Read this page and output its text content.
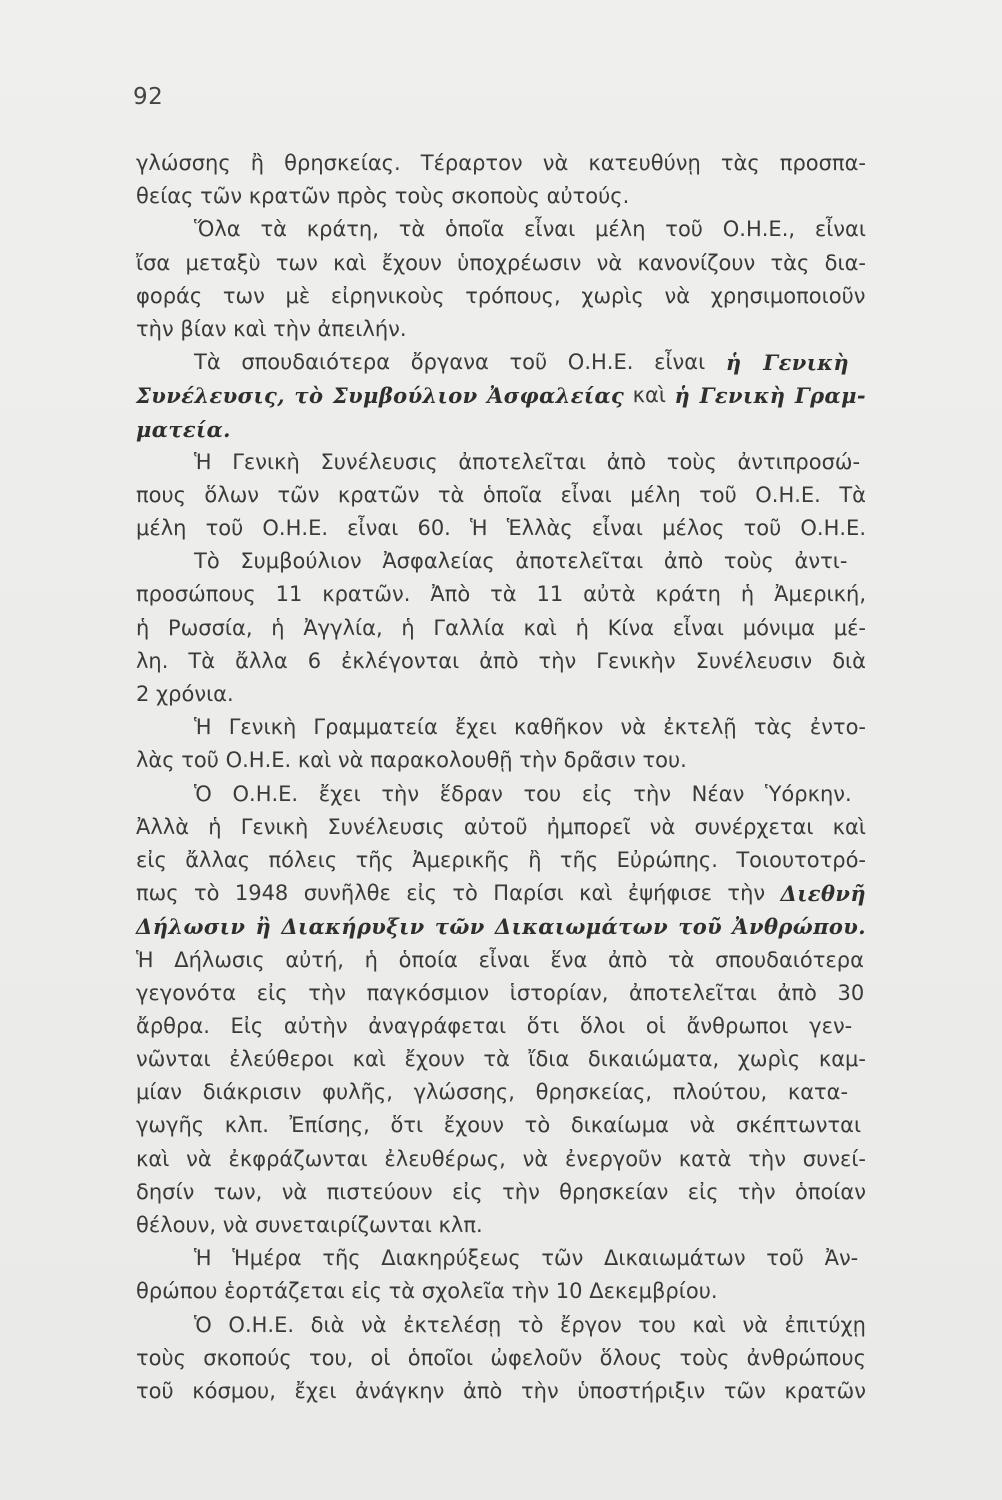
92
γλώσσης ἢ θρησκείας. Τέραρτον νὰ κατευθύνῃ τὰς προσπα-
θείας τῶν κρατῶν πρὸς τοὺς σκοποὺς αὐτούς.
Ὅλα τὰ κράτη, τὰ ὁποῖα εἶναι μέλη τοῦ Ο.Η.Ε., εἶναι
ἴσα μεταξὺ των καὶ ἔχουν ὑποχρέωσιν νὰ κανονίζουν τὰς δια-
φοράς των μὲ εἰρηνικοὺς τρόπους, χωρὶς νὰ χρησιμοποιοῦν
τὴν βίαν καὶ τὴν ἀπειλήν.
Τὰ σπουδαιότερα ὄργανα τοῦ Ο.Η.Ε. εἶναι ἡ Γενικὴ
Συνέλευσις, τὸ Συμβούλιον Ἀσφαλείας καὶ ἡ Γενικὴ Γραμ-
ματεία.
Ἡ Γενικὴ Συνέλευσις ἀποτελεῖται ἀπὸ τοὺς ἀντιπροσώ-
πους ὅλων τῶν κρατῶν τὰ ὁποῖα εἶναι μέλη τοῦ Ο.Η.Ε. Τὰ
μέλη τοῦ Ο.Η.Ε. εἶναι 60. Ἡ Ἑλλὰς εἶναι μέλος τοῦ Ο.Η.Ε.
Τὸ Συμβούλιον Ἀσφαλείας ἀποτελεῖται ἀπὸ τοὺς ἀντι-
προσώπους 11 κρατῶν. Ἀπὸ τὰ 11 αὐτὰ κράτη ἡ Ἀμερική,
ἡ Ρωσσία, ἡ Ἀγγλία, ἡ Γαλλία καὶ ἡ Κίνα εἶναι μόνιμα μέ-
λη. Τὰ ἄλλα 6 ἐκλέγονται ἀπὸ τὴν Γενικὴν Συνέλευσιν διὰ
2 χρόνια.
Ἡ Γενικὴ Γραμματεία ἔχει καθῆκον νὰ ἐκτελῇ τὰς ἐντο-
λὰς τοῦ Ο.Η.Ε. καὶ νὰ παρακολουθῇ τὴν δρᾶσιν του.
Ὁ Ο.Η.Ε. ἔχει τὴν ἕδραν του εἰς τὴν Νέαν Ὑόρκην.
Ἀλλὰ ἡ Γενικὴ Συνέλευσις αὐτοῦ ἠμπορεῖ νὰ συνέρχεται καὶ
εἰς ἄλλας πόλεις τῆς Ἀμερικῆς ἢ τῆς Εὐρώπης. Τοιουτοτρό-
πως τὸ 1948 συνῆλθε εἰς τὸ Παρίσι καὶ ἐψήφισε τὴν Διεθνῆ
Δήλωσιν ἢ Διακήρυξιν τῶν Δικαιωμάτων τοῦ Ἀνθρώπου.
Ἡ Δήλωσις αὐτή, ἡ ὁποία εἶναι ἕνα ἀπὸ τὰ σπουδαιότερα
γεγονότα εἰς τὴν παγκόσμιον ἱστορίαν, ἀποτελεῖται ἀπὸ 30
ἄρθρα. Εἰς αὐτὴν ἀναγράφεται ὅτι ὅλοι οἱ ἄνθρωποι γεν-
νῶνται ἐλεύθεροι καὶ ἔχουν τὰ ἴδια δικαιώματα, χωρὶς καμ-
μίαν διάκρισιν φυλῆς, γλώσσης, θρησκείας, πλούτου, κατα-
γωγῆς κλπ. Ἐπίσης, ὅτι ἔχουν τὸ δικαίωμα νὰ σκέπτωνται
καὶ νὰ ἐκφράζωνται ἐλευθέρως, νὰ ἐνεργοῦν κατὰ τὴν συνεί-
δησίν των, νὰ πιστεύουν εἰς τὴν θρησκείαν εἰς τὴν ὁποίαν
θέλουν, νὰ συνεταιρίζωνται κλπ.
Ἡ Ἡμέρα τῆς Διακηρύξεως τῶν Δικαιωμάτων τοῦ Ἀν-
θρώπου ἑορτάζεται εἰς τὰ σχολεῖα τὴν 10 Δεκεμβρίου.
Ὁ Ο.Η.Ε. διὰ νὰ ἐκτελέσῃ τὸ ἔργον του καὶ νὰ ἐπιτύχῃ
τοὺς σκοπούς του, οἱ ὁποῖοι ὠφελοῦν ὅλους τοὺς ἀνθρώπους
τοῦ κόσμου, ἔχει ἀνάγκην ἀπὸ τὴν ὑποστήριξιν τῶν κρατῶν
